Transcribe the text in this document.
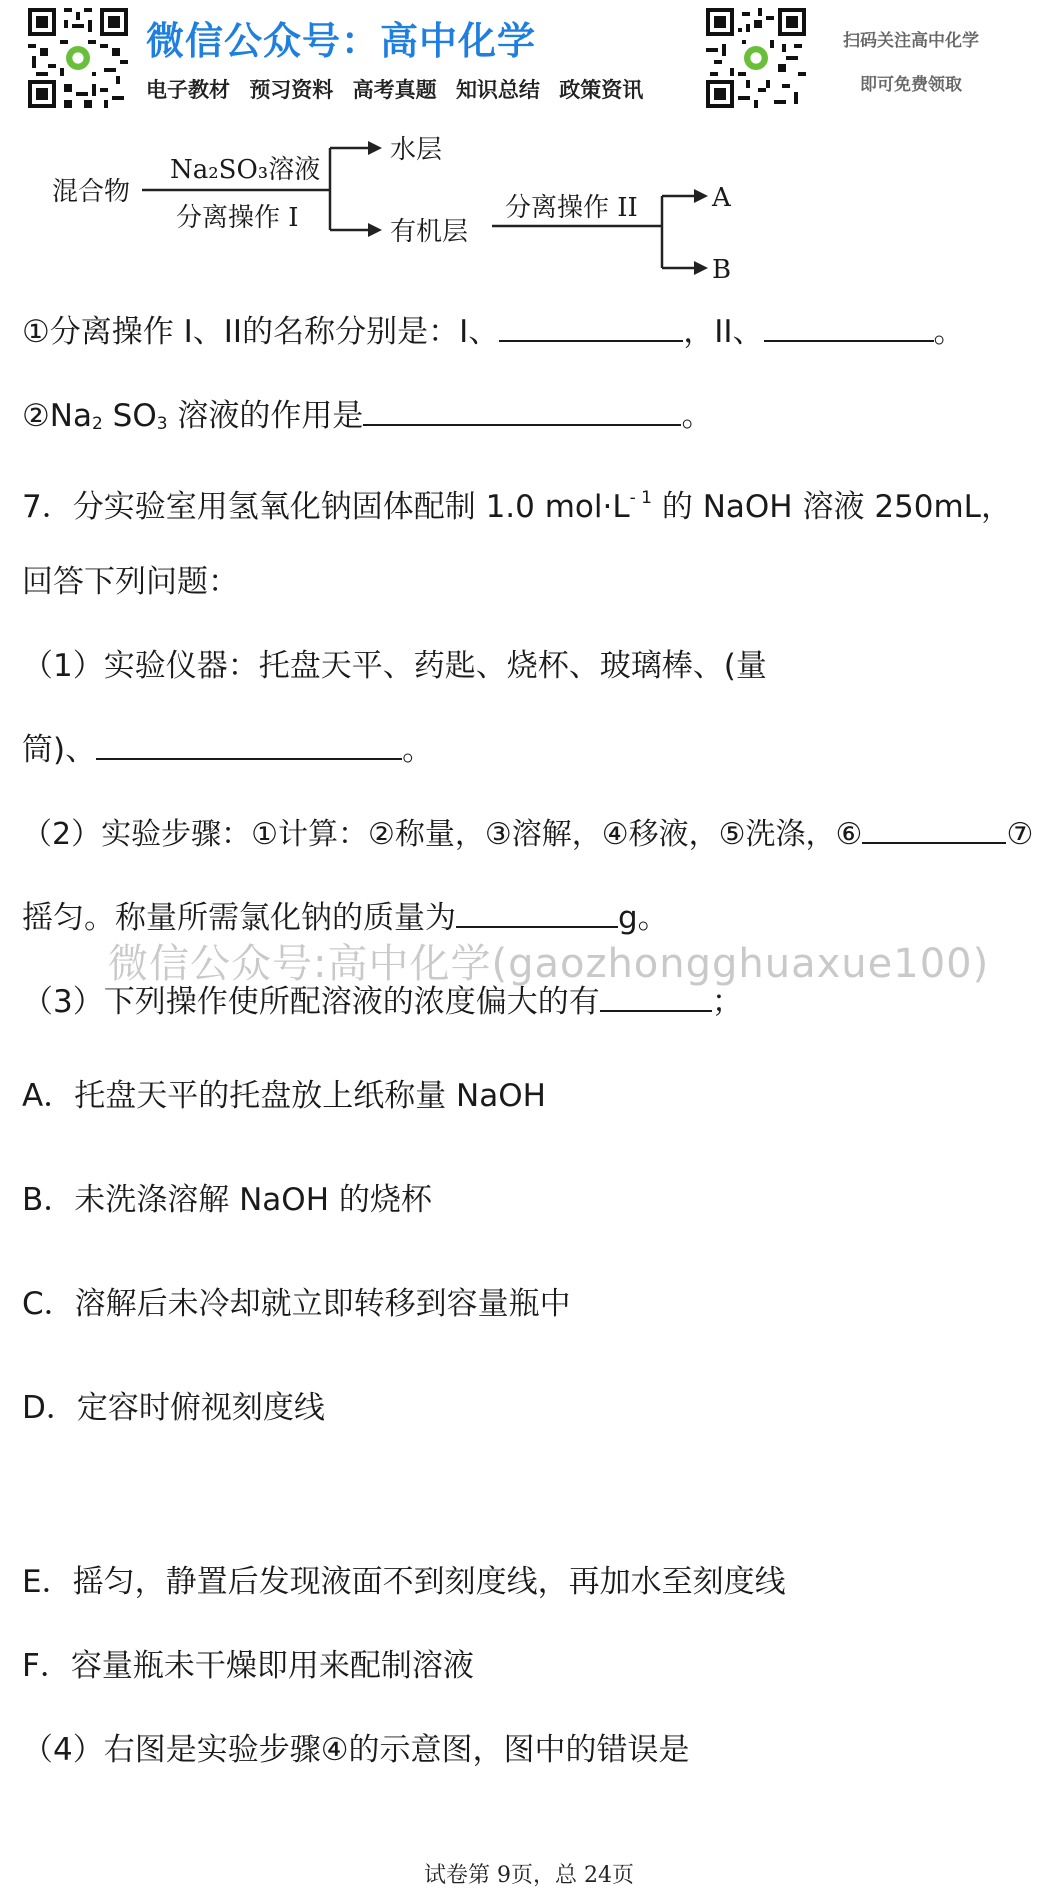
微信公众号：高中化学
电子教材 预习资料 高考真题 知识总结 政策资讯
扫码关注高中化学
即可免费领取
混合物
Na₂SO₃溶液
分离操作 I
水层
有机层
分离操作 II	A
B
①分离操作 I、II的名称分别是：I、	，II、	。
②Na2 SO3 溶液的作用是	。
7．分实验室用氢氧化钠固体配制 1.0 $mol\cdot L^{- 1}$ 的 NaOH 溶液 250mL，
回答下列问题：
（1）实验仪器：托盘天平、药匙、烧杯、玻璃棒、(量
筒)、	。
（2）实验步骤：①计算：②称量，③溶解，④移液，⑤洗涤，⑥	⑦
摇匀。称量所需氯化钠的质量为	g。
微信公众号:高中化学(gaozhongghuaxue100)
（3）下列操作使所配溶液的浓度偏大的有	；
A．托盘天平的托盘放上纸称量 NaOH
B．未洗涤溶解 NaOH 的烧杯
C．溶解后未冷却就立即转移到容量瓶中
D．定容时俯视刻度线
E．摇匀，静置后发现液面不到刻度线，再加水至刻度线
F．容量瓶未干燥即用来配制溶液
（4）右图是实验步骤④的示意图，图中的错误是
试卷第 9页，总 24页
